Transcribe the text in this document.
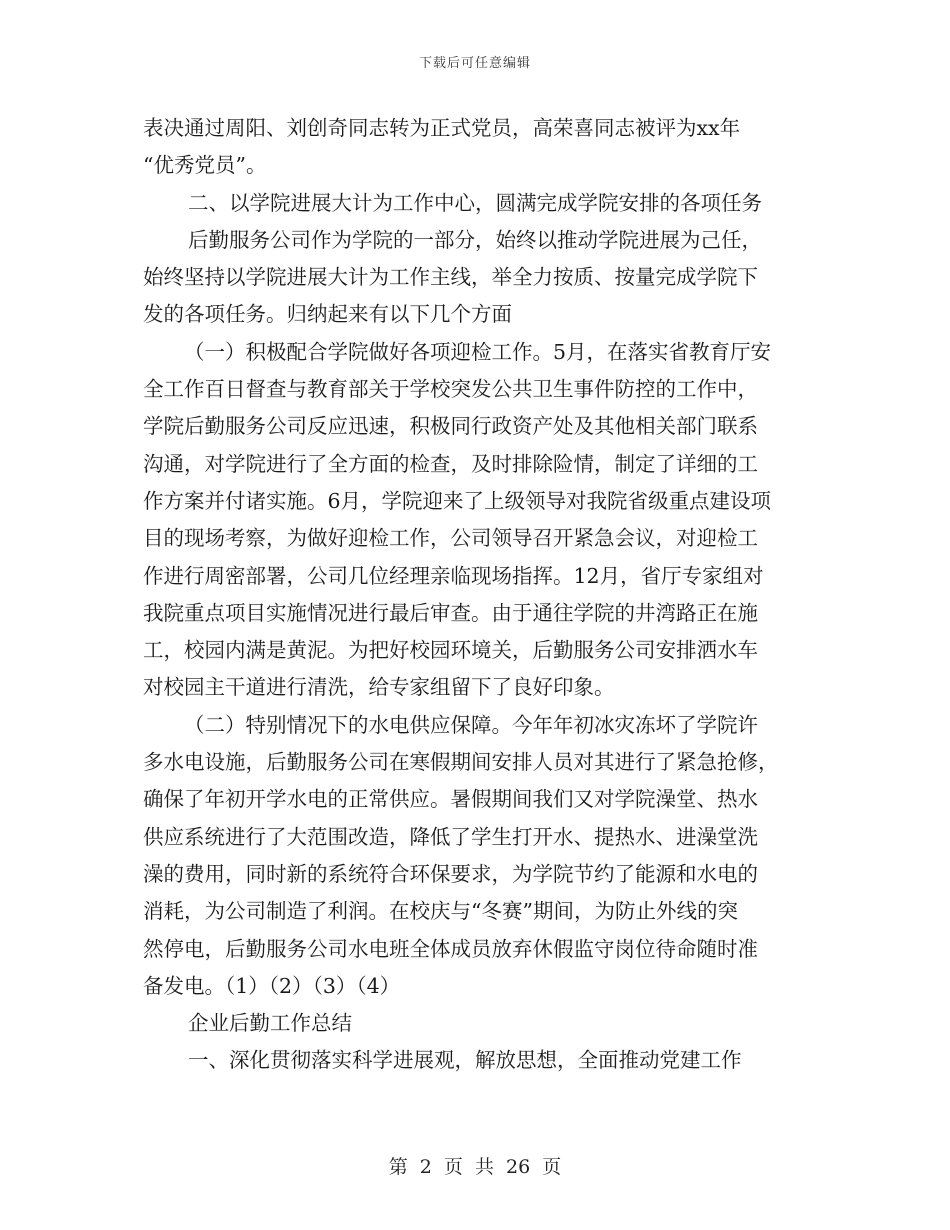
下载后可任意编辑
表决通过周阳、刘创奇同志转为正式党员，高荣喜同志被评为xx年
“优秀党员”。
二、以学院进展大计为工作中心，圆满完成学院安排的各项任务
后勤服务公司作为学院的一部分，始终以推动学院进展为己任，
始终坚持以学院进展大计为工作主线，举全力按质、按量完成学院下
发的各项任务。归纳起来有以下几个方面
（一）积极配合学院做好各项迎检工作。5月，在落实省教育厅安
全工作百日督查与教育部关于学校突发公共卫生事件防控的工作中，
学院后勤服务公司反应迅速，积极同行政资产处及其他相关部门联系
沟通，对学院进行了全方面的检查，及时排除险情，制定了详细的工
作方案并付诸实施。6月，学院迎来了上级领导对我院省级重点建设项
目的现场考察，为做好迎检工作，公司领导召开紧急会议，对迎检工
作进行周密部署，公司几位经理亲临现场指挥。12月，省厅专家组对
我院重点项目实施情况进行最后审查。由于通往学院的井湾路正在施
工，校园内满是黄泥。为把好校园环境关，后勤服务公司安排洒水车
对校园主干道进行清洗，给专家组留下了良好印象。
（二）特别情况下的水电供应保障。今年年初冰灾冻坏了学院许
多水电设施，后勤服务公司在寒假期间安排人员对其进行了紧急抢修，
确保了年初开学水电的正常供应。暑假期间我们又对学院澡堂、热水
供应系统进行了大范围改造，降低了学生打开水、提热水、进澡堂洗
澡的费用，同时新的系统符合环保要求，为学院节约了能源和水电的
消耗，为公司制造了利润。在校庆与“冬赛”期间，为防止外线的突
然停电，后勤服务公司水电班全体成员放弃休假监守岗位待命随时准
备发电。（1）（2）（3）（4）
企业后勤工作总结
一、深化贯彻落实科学进展观，解放思想，全面推动党建工作
第 2 页 共 26 页
